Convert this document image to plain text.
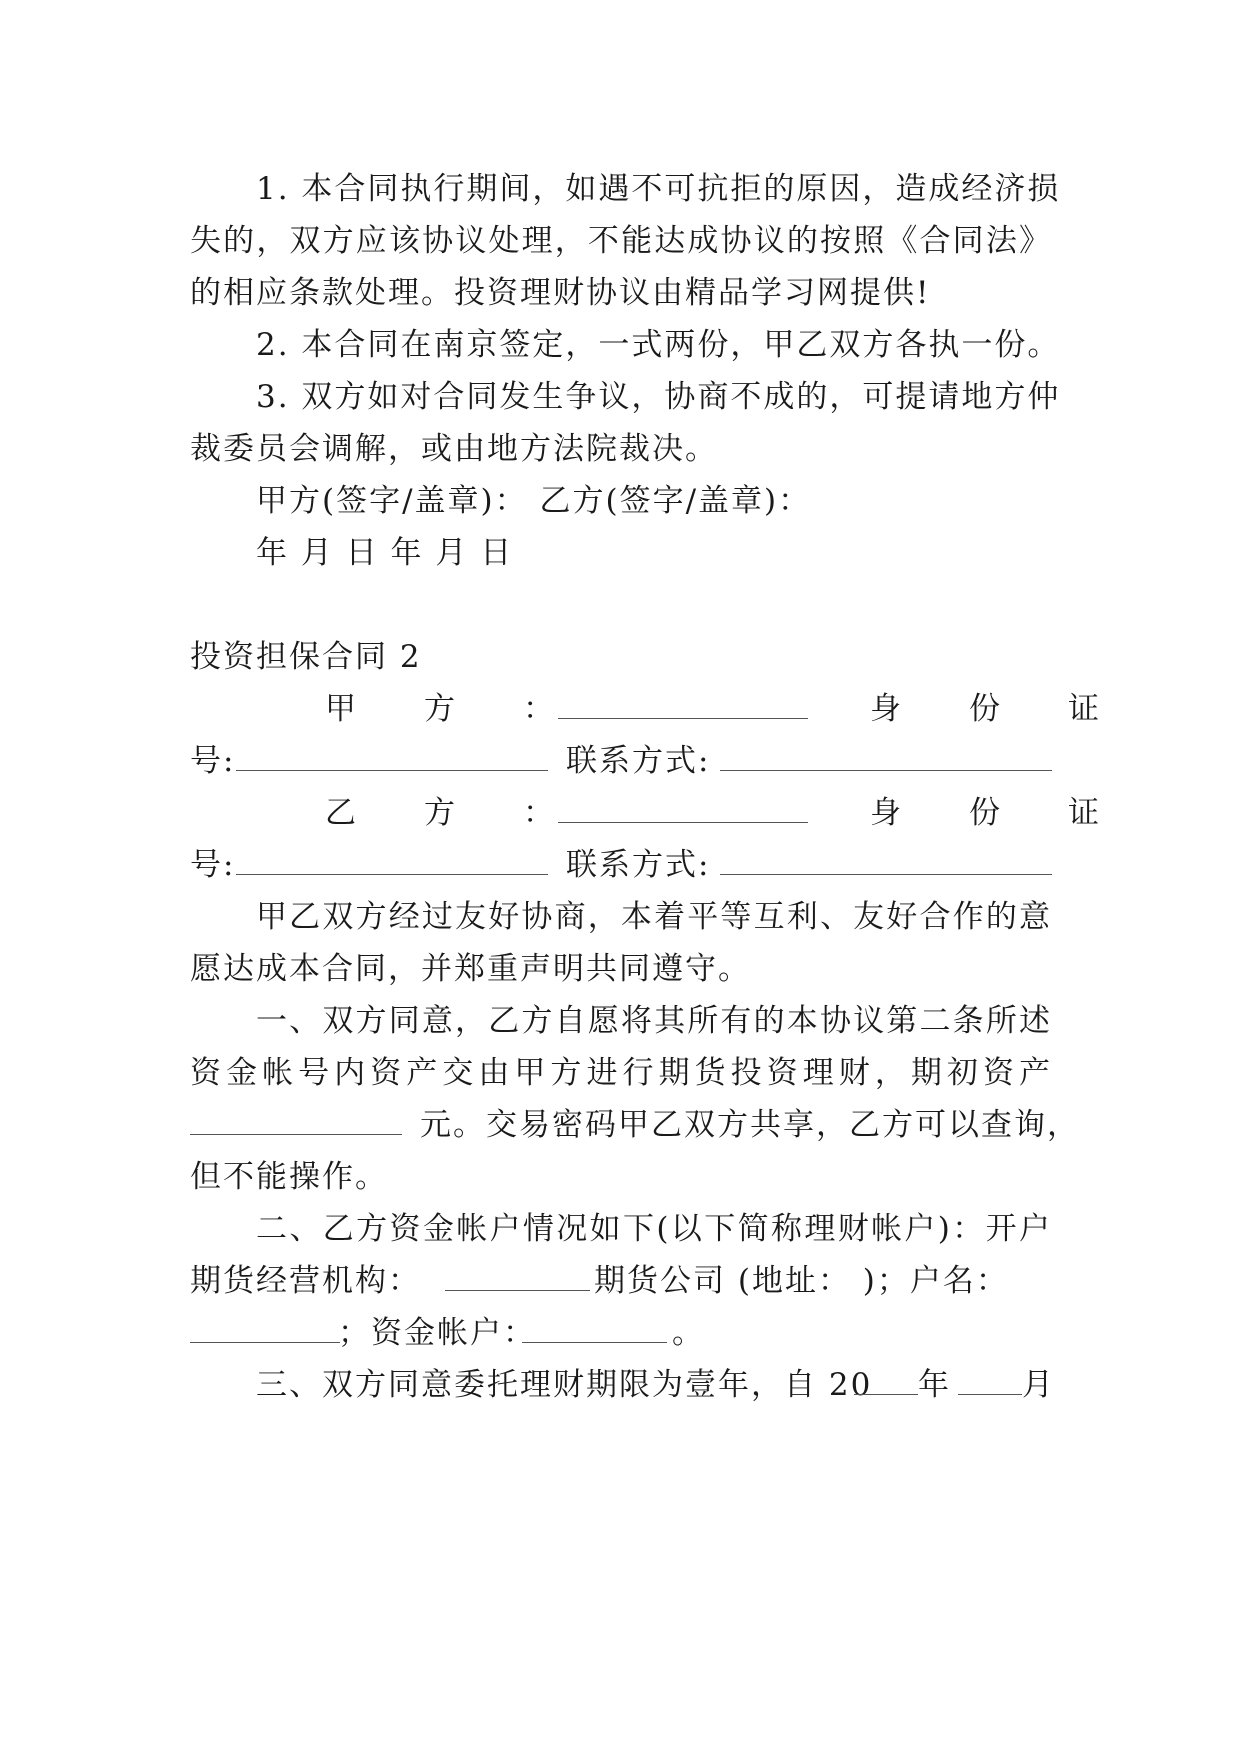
1. 本合同执行期间，如遇不可抗拒的原因，造成经济损
失的，双方应该协议处理，不能达成协议的按照《合同法》
的相应条款处理。投资理财协议由精品学习网提供!
2. 本合同在南京签定，一式两份，甲乙双方各执一份。
3. 双方如对合同发生争议，协商不成的，可提请地方仲
裁委员会调解，或由地方法院裁决。
甲方(签字/盖章)： 乙方(签字/盖章)：
年 月 日 年 月 日
投资担保合同 2
甲　　方　　：	身　　份　　证
号:	联系方式:
乙　　方　　：	身　　份　　证
号:	联系方式:
甲乙双方经过友好协商，本着平等互利、友好合作的意
愿达成本合同，并郑重声明共同遵守。
一、双方同意，乙方自愿将其所有的本协议第二条所述
资金帐号内资产交由甲方进行期货投资理财，期初资产
元。交易密码甲乙双方共享，乙方可以查询，
但不能操作。
二、乙方资金帐户情况如下(以下简称理财帐户)：开户
期货经营机构：	期货公司 (地址： )；户名：
；资金帐户：	。
三、双方同意委托理财期限为壹年，自 20 年 月
